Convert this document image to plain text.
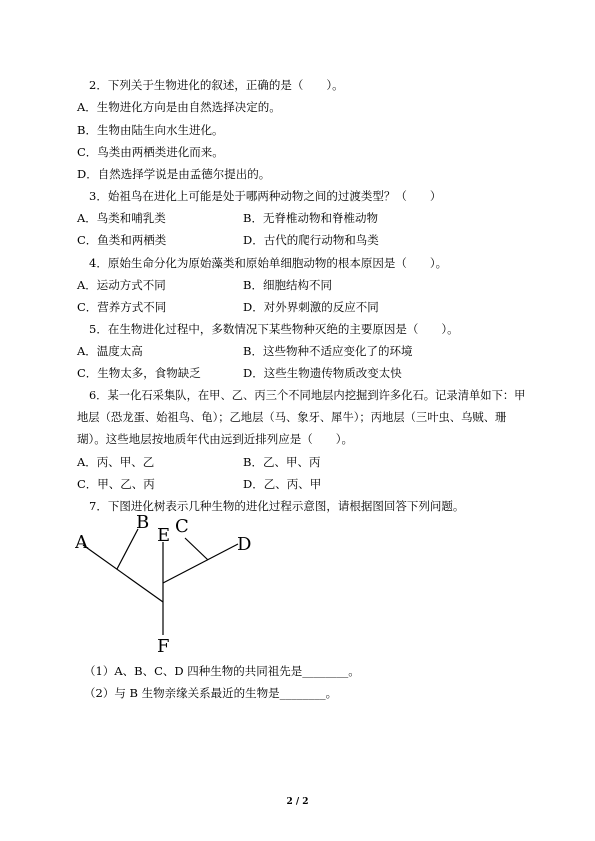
2．下列关于生物进化的叙述，正确的是（　　）。
A．生物进化方向是由自然选择决定的。
B．生物由陆生向水生进化。
C．鸟类由两栖类进化而来。
D．自然选择学说是由孟德尔提出的。
3．始祖鸟在进化上可能是处于哪两种动物之间的过渡类型？（　　）
A．鸟类和哺乳类	B．无脊椎动物和脊椎动物
C．鱼类和两栖类	D．古代的爬行动物和鸟类
4．原始生命分化为原始藻类和原始单细胞动物的根本原因是（　　）。
A．运动方式不同	B．细胞结构不同
C．营养方式不同	D．对外界刺激的反应不同
5．在生物进化过程中，多数情况下某些物种灭绝的主要原因是（　　）。
A．温度太高	B．这些物种不适应变化了的环境
C．生物太多，食物缺乏	D．这些生物遗传物质改变太快
6．某一化石采集队，在甲、乙、丙三个不同地层内挖掘到许多化石。记录清单如下：甲
地层（恐龙蛋、始祖鸟、龟）；乙地层（马、象牙、犀牛）；丙地层（三叶虫、乌贼、珊
瑚）。这些地层按地质年代由远到近排列应是（　　）。
A．丙、甲、乙	B．乙、甲、丙
C．甲、乙、丙	D．乙、丙、甲
7．下图进化树表示几种生物的进化过程示意图，请根据图回答下列问题。
A
B
E C
D
F
（1）A、B、C、D 四种生物的共同祖先是________。
（2）与 B 生物亲缘关系最近的生物是________。
2 / 2
